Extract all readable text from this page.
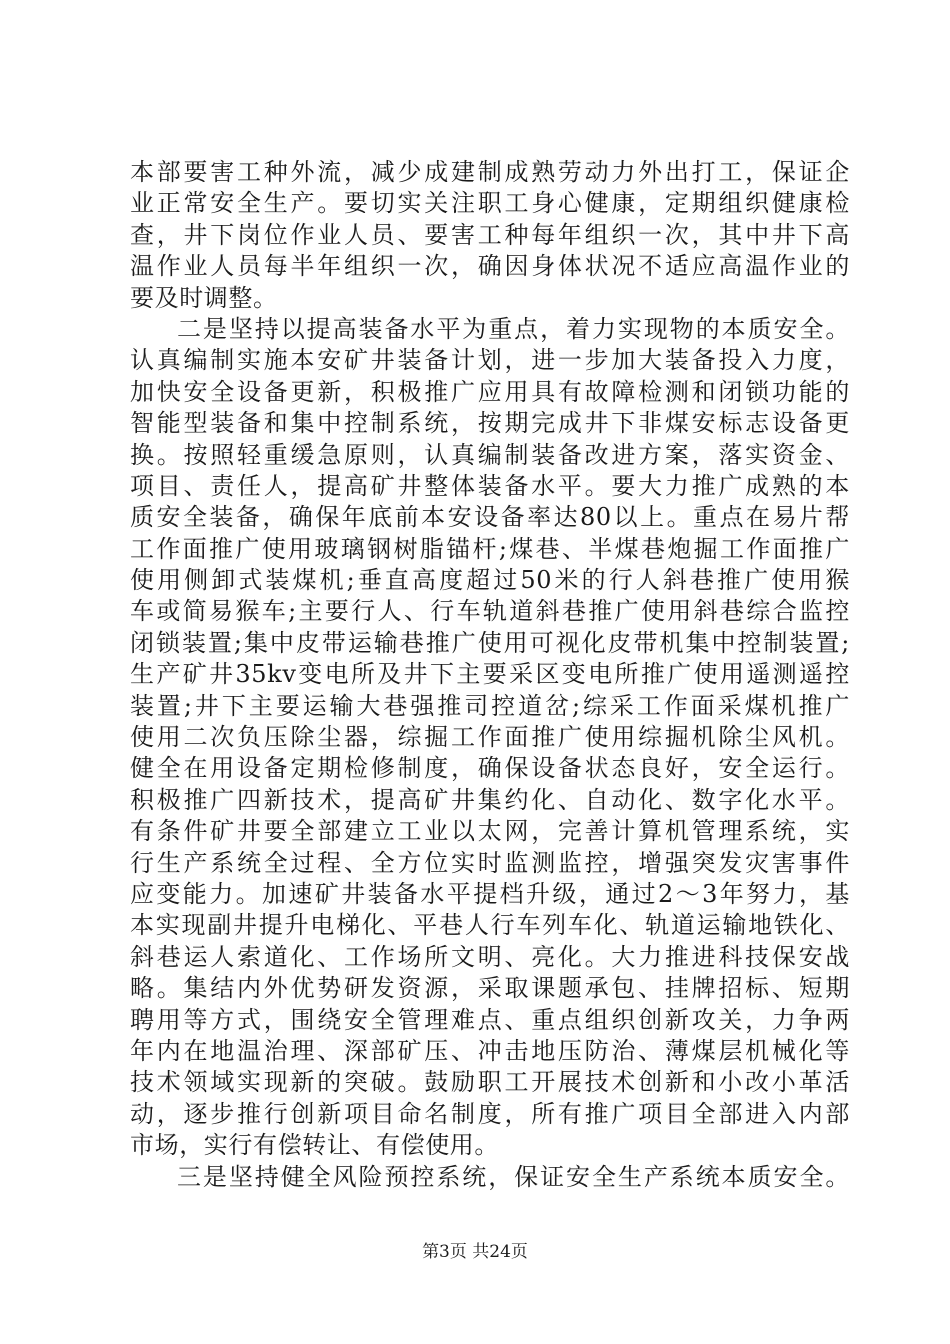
本部要害工种外流，减少成建制成熟劳动力外出打工，保证企
业正常安全生产。要切实关注职工身心健康，定期组织健康检
查，井下岗位作业人员、要害工种每年组织一次，其中井下高
温作业人员每半年组织一次，确因身体状况不适应高温作业的
要及时调整。
二是坚持以提高装备水平为重点，着力实现物的本质安全。
认真编制实施本安矿井装备计划，进一步加大装备投入力度，
加快安全设备更新，积极推广应用具有故障检测和闭锁功能的
智能型装备和集中控制系统，按期完成井下非煤安标志设备更
换。按照轻重缓急原则，认真编制装备改进方案，落实资金、
项目、责任人，提高矿井整体装备水平。要大力推广成熟的本
质安全装备，确保年底前本安设备率达80以上。重点在易片帮
工作面推广使用玻璃钢树脂锚杆;煤巷、半煤巷炮掘工作面推广
使用侧卸式装煤机;垂直高度超过50米的行人斜巷推广使用猴
车或简易猴车;主要行人、行车轨道斜巷推广使用斜巷综合监控
闭锁装置;集中皮带运输巷推广使用可视化皮带机集中控制装置;
生产矿井35kv变电所及井下主要采区变电所推广使用遥测遥控
装置;井下主要运输大巷强推司控道岔;综采工作面采煤机推广
使用二次负压除尘器，综掘工作面推广使用综掘机除尘风机。
健全在用设备定期检修制度，确保设备状态良好，安全运行。
积极推广四新技术，提高矿井集约化、自动化、数字化水平。
有条件矿井要全部建立工业以太网，完善计算机管理系统，实
行生产系统全过程、全方位实时监测监控，增强突发灾害事件
应变能力。加速矿井装备水平提档升级，通过2～3年努力，基
本实现副井提升电梯化、平巷人行车列车化、轨道运输地铁化、
斜巷运人索道化、工作场所文明、亮化。大力推进科技保安战
略。集结内外优势研发资源，采取课题承包、挂牌招标、短期
聘用等方式，围绕安全管理难点、重点组织创新攻关，力争两
年内在地温治理、深部矿压、冲击地压防治、薄煤层机械化等
技术领域实现新的突破。鼓励职工开展技术创新和小改小革活
动，逐步推行创新项目命名制度，所有推广项目全部进入内部
市场，实行有偿转让、有偿使用。
三是坚持健全风险预控系统，保证安全生产系统本质安全。
第3页 共24页
